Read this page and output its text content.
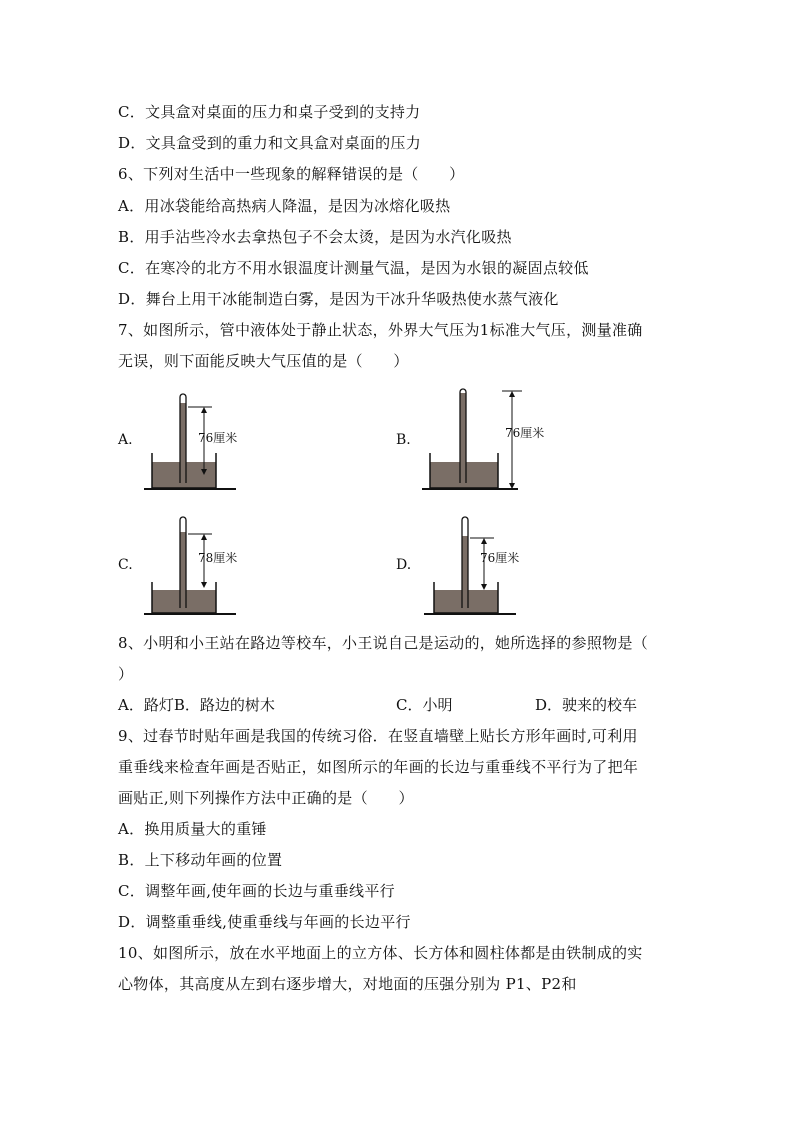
C．文具盒对桌面的压力和桌子受到的支持力
D．文具盒受到的重力和文具盒对桌面的压力
6、下列对生活中一些现象的解释错误的是（　　）
A．用冰袋能给高热病人降温，是因为冰熔化吸热
B．用手沾些冷水去拿热包子不会太烫，是因为水汽化吸热
C．在寒冷的北方不用水银温度计测量气温，是因为水银的凝固点较低
D．舞台上用干冰能制造白雾，是因为干冰升华吸热使水蒸气液化
7、如图所示，管中液体处于静止状态，外界大气压为1标准大气压，测量准确
无误，则下面能反映大气压值的是（　　）
A.	76厘米	B.	76厘米
C.	78厘米	D.	76厘米
8、小明和小王站在路边等校车，小王说自己是运动的，她所选择的参照物是（
）
A．路灯B．路边的树木	C．小明	D．驶来的校车
9、过春节时贴年画是我国的传统习俗．在竖直墙壁上贴长方形年画时,可利用
重垂线来检查年画是否贴正，如图所示的年画的长边与重垂线不平行为了把年
画贴正,则下列操作方法中正确的是（　　）
A．换用质量大的重锤
B．上下移动年画的位置
C．调整年画,使年画的长边与重垂线平行
D．调整重垂线,使重垂线与年画的长边平行
10、如图所示，放在水平地面上的立方体、长方体和圆柱体都是由铁制成的实
心物体，其高度从左到右逐步增大，对地面的压强分别为 P1、P2和
